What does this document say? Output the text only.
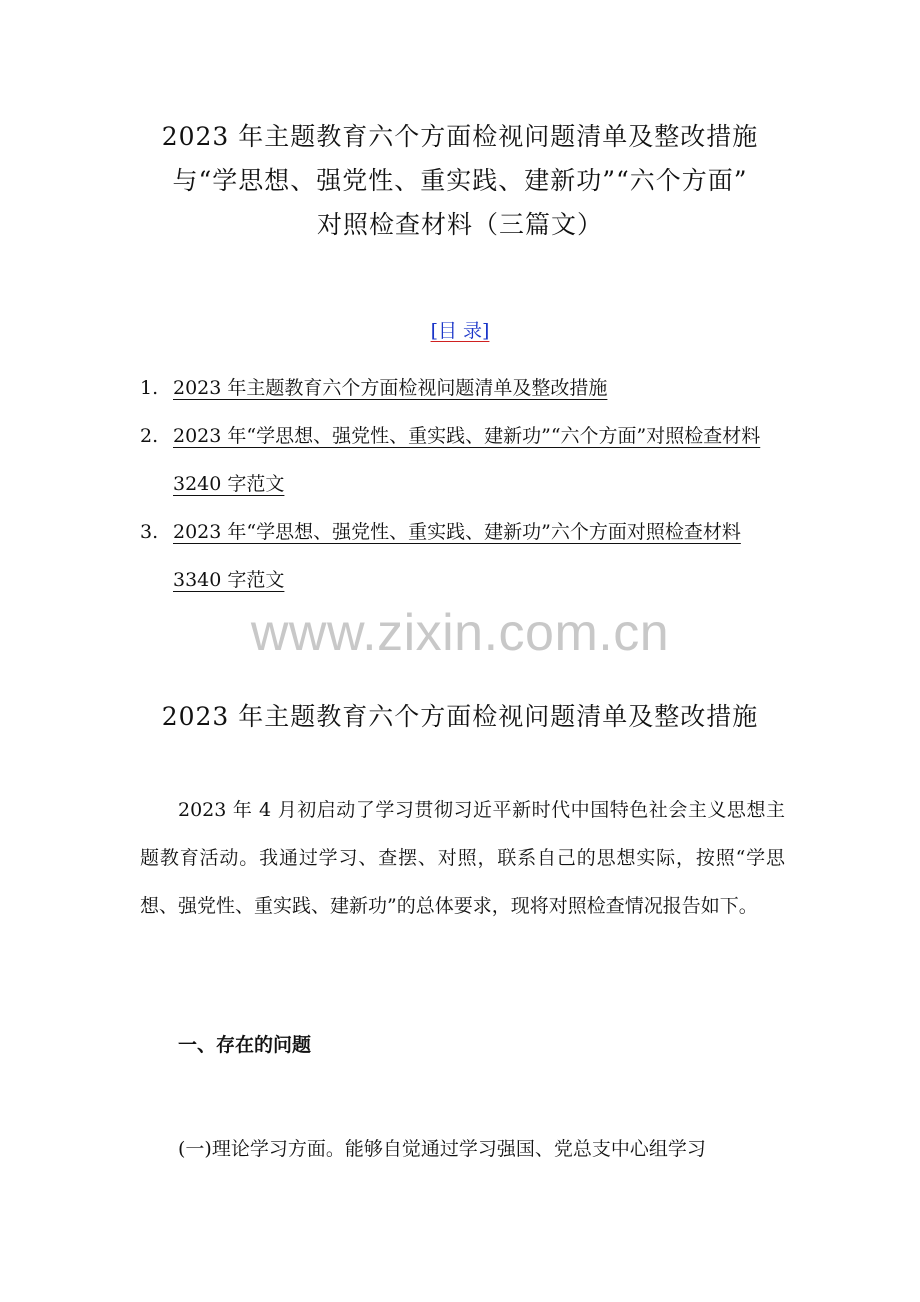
2023 年主题教育六个方面检视问题清单及整改措施
与“学思想、强党性、重实践、建新功”“六个方面”
对照检查材料（三篇文）
[目 录]
1. 2023 年主题教育六个方面检视问题清单及整改措施
2. 2023 年“学思想、强党性、重实践、建新功”“六个方面”对照检查材料 3240 字范文
3. 2023 年“学思想、强党性、重实践、建新功”六个方面对照检查材料 3340 字范文
www.zixin.com.cn
2023 年主题教育六个方面检视问题清单及整改措施
2023 年 4 月初启动了学习贯彻习近平新时代中国特色社会主义思想主题教育活动。我通过学习、查摆、对照，联系自己的思想实际，按照“学思想、强党性、重实践、建新功”的总体要求，现将对照检查情况报告如下。
一、存在的问题
(一)理论学习方面。能够自觉通过学习强国、党总支中心组学习
